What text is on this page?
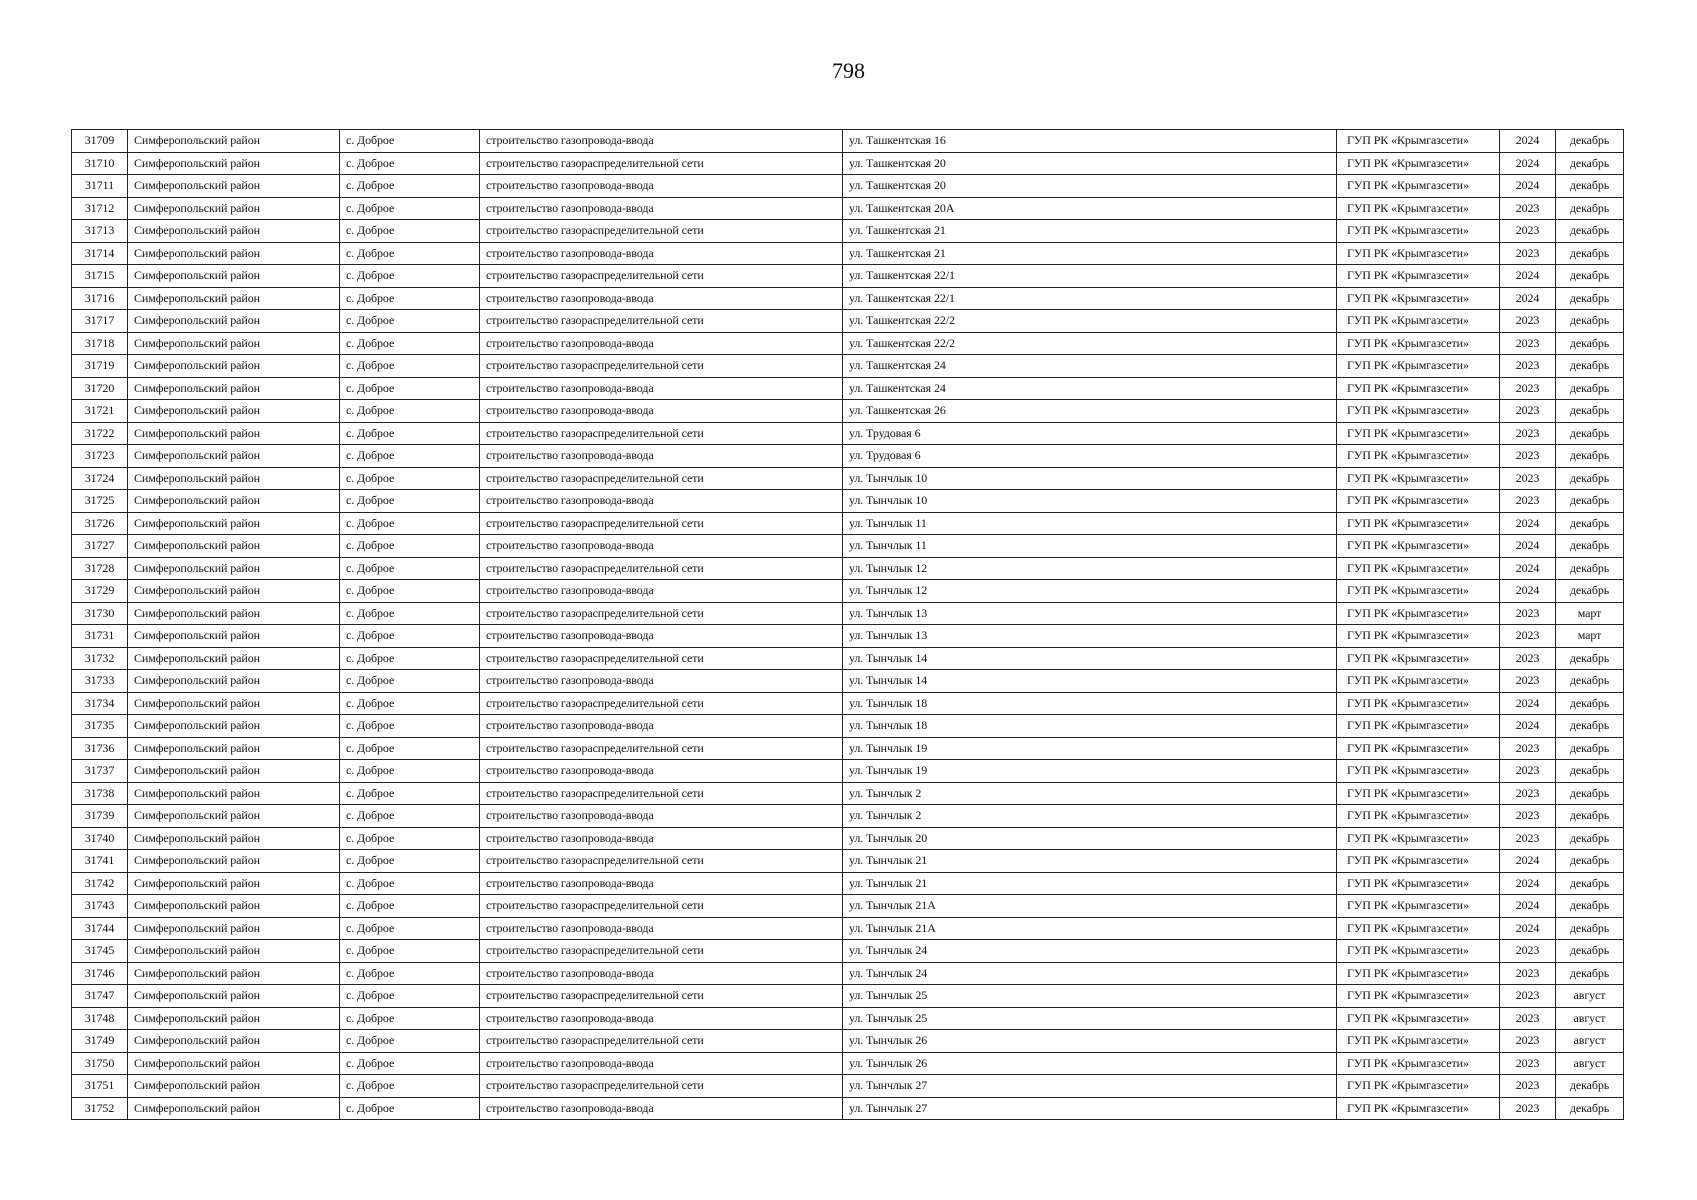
798
31709	Симферопольский район	с. Доброе	строительство газопровода-ввода	ул. Ташкентская 16	ГУП РК «Крымгазсети»	2024	декабрь
31710	Симферопольский район	с. Доброе	строительство газораспределительной сети	ул. Ташкентская 20	ГУП РК «Крымгазсети»	2024	декабрь
31711	Симферопольский район	с. Доброе	строительство газопровода-ввода	ул. Ташкентская 20	ГУП РК «Крымгазсети»	2024	декабрь
31712	Симферопольский район	с. Доброе	строительство газопровода-ввода	ул. Ташкентская 20А	ГУП РК «Крымгазсети»	2023	декабрь
31713	Симферопольский район	с. Доброе	строительство газораспределительной сети	ул. Ташкентская 21	ГУП РК «Крымгазсети»	2023	декабрь
31714	Симферопольский район	с. Доброе	строительство газопровода-ввода	ул. Ташкентская 21	ГУП РК «Крымгазсети»	2023	декабрь
31715	Симферопольский район	с. Доброе	строительство газораспределительной сети	ул. Ташкентская 22/1	ГУП РК «Крымгазсети»	2024	декабрь
31716	Симферопольский район	с. Доброе	строительство газопровода-ввода	ул. Ташкентская 22/1	ГУП РК «Крымгазсети»	2024	декабрь
31717	Симферопольский район	с. Доброе	строительство газораспределительной сети	ул. Ташкентская 22/2	ГУП РК «Крымгазсети»	2023	декабрь
31718	Симферопольский район	с. Доброе	строительство газопровода-ввода	ул. Ташкентская 22/2	ГУП РК «Крымгазсети»	2023	декабрь
31719	Симферопольский район	с. Доброе	строительство газораспределительной сети	ул. Ташкентская 24	ГУП РК «Крымгазсети»	2023	декабрь
31720	Симферопольский район	с. Доброе	строительство газопровода-ввода	ул. Ташкентская 24	ГУП РК «Крымгазсети»	2023	декабрь
31721	Симферопольский район	с. Доброе	строительство газопровода-ввода	ул. Ташкентская 26	ГУП РК «Крымгазсети»	2023	декабрь
31722	Симферопольский район	с. Доброе	строительство газораспределительной сети	ул. Трудовая 6	ГУП РК «Крымгазсети»	2023	декабрь
31723	Симферопольский район	с. Доброе	строительство газопровода-ввода	ул. Трудовая 6	ГУП РК «Крымгазсети»	2023	декабрь
31724	Симферопольский район	с. Доброе	строительство газораспределительной сети	ул. Тынчлык 10	ГУП РК «Крымгазсети»	2023	декабрь
31725	Симферопольский район	с. Доброе	строительство газопровода-ввода	ул. Тынчлык 10	ГУП РК «Крымгазсети»	2023	декабрь
31726	Симферопольский район	с. Доброе	строительство газораспределительной сети	ул. Тынчлык 11	ГУП РК «Крымгазсети»	2024	декабрь
31727	Симферопольский район	с. Доброе	строительство газопровода-ввода	ул. Тынчлык 11	ГУП РК «Крымгазсети»	2024	декабрь
31728	Симферопольский район	с. Доброе	строительство газораспределительной сети	ул. Тынчлык 12	ГУП РК «Крымгазсети»	2024	декабрь
31729	Симферопольский район	с. Доброе	строительство газопровода-ввода	ул. Тынчлык 12	ГУП РК «Крымгазсети»	2024	декабрь
31730	Симферопольский район	с. Доброе	строительство газораспределительной сети	ул. Тынчлык 13	ГУП РК «Крымгазсети»	2023	март
31731	Симферопольский район	с. Доброе	строительство газопровода-ввода	ул. Тынчлык 13	ГУП РК «Крымгазсети»	2023	март
31732	Симферопольский район	с. Доброе	строительство газораспределительной сети	ул. Тынчлык 14	ГУП РК «Крымгазсети»	2023	декабрь
31733	Симферопольский район	с. Доброе	строительство газопровода-ввода	ул. Тынчлык 14	ГУП РК «Крымгазсети»	2023	декабрь
31734	Симферопольский район	с. Доброе	строительство газораспределительной сети	ул. Тынчлык 18	ГУП РК «Крымгазсети»	2024	декабрь
31735	Симферопольский район	с. Доброе	строительство газопровода-ввода	ул. Тынчлык 18	ГУП РК «Крымгазсети»	2024	декабрь
31736	Симферопольский район	с. Доброе	строительство газораспределительной сети	ул. Тынчлык 19	ГУП РК «Крымгазсети»	2023	декабрь
31737	Симферопольский район	с. Доброе	строительство газопровода-ввода	ул. Тынчлык 19	ГУП РК «Крымгазсети»	2023	декабрь
31738	Симферопольский район	с. Доброе	строительство газораспределительной сети	ул. Тынчлык 2	ГУП РК «Крымгазсети»	2023	декабрь
31739	Симферопольский район	с. Доброе	строительство газопровода-ввода	ул. Тынчлык 2	ГУП РК «Крымгазсети»	2023	декабрь
31740	Симферопольский район	с. Доброе	строительство газопровода-ввода	ул. Тынчлык 20	ГУП РК «Крымгазсети»	2023	декабрь
31741	Симферопольский район	с. Доброе	строительство газораспределительной сети	ул. Тынчлык 21	ГУП РК «Крымгазсети»	2024	декабрь
31742	Симферопольский район	с. Доброе	строительство газопровода-ввода	ул. Тынчлык 21	ГУП РК «Крымгазсети»	2024	декабрь
31743	Симферопольский район	с. Доброе	строительство газораспределительной сети	ул. Тынчлык 21А	ГУП РК «Крымгазсети»	2024	декабрь
31744	Симферопольский район	с. Доброе	строительство газопровода-ввода	ул. Тынчлык 21А	ГУП РК «Крымгазсети»	2024	декабрь
31745	Симферопольский район	с. Доброе	строительство газораспределительной сети	ул. Тынчлык 24	ГУП РК «Крымгазсети»	2023	декабрь
31746	Симферопольский район	с. Доброе	строительство газопровода-ввода	ул. Тынчлык 24	ГУП РК «Крымгазсети»	2023	декабрь
31747	Симферопольский район	с. Доброе	строительство газораспределительной сети	ул. Тынчлык 25	ГУП РК «Крымгазсети»	2023	август
31748	Симферопольский район	с. Доброе	строительство газопровода-ввода	ул. Тынчлык 25	ГУП РК «Крымгазсети»	2023	август
31749	Симферопольский район	с. Доброе	строительство газораспределительной сети	ул. Тынчлык 26	ГУП РК «Крымгазсети»	2023	август
31750	Симферопольский район	с. Доброе	строительство газопровода-ввода	ул. Тынчлык 26	ГУП РК «Крымгазсети»	2023	август
31751	Симферопольский район	с. Доброе	строительство газораспределительной сети	ул. Тынчлык 27	ГУП РК «Крымгазсети»	2023	декабрь
31752	Симферопольский район	с. Доброе	строительство газопровода-ввода	ул. Тынчлык 27	ГУП РК «Крымгазсети»	2023	декабрь
